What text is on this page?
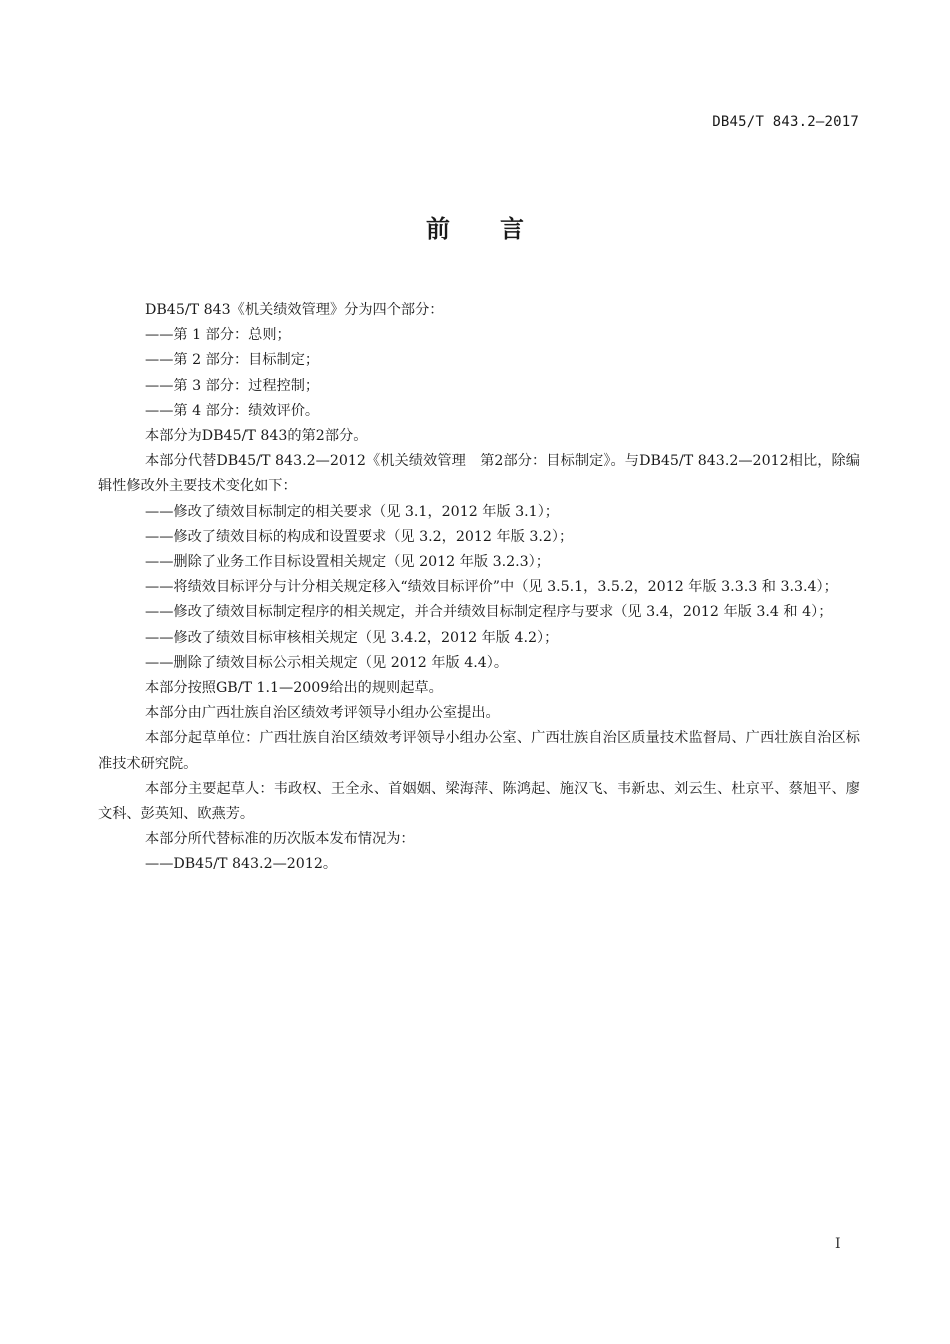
DB45/T 843.2—2017
前言

DB45/T 843《机关绩效管理》分为四个部分：

——第 1 部分：总则；

——第 2 部分：目标制定；

——第 3 部分：过程控制；

——第 4 部分：绩效评价。

本部分为DB45/T 843的第2部分。

本部分代替DB45/T 843.2—2012《机关绩效管理　第2部分：目标制定》。与DB45/T 843.2—2012相比，除编辑性修改外主要技术变化如下：

——修改了绩效目标制定的相关要求（见 3.1，2012 年版 3.1）；

——修改了绩效目标的构成和设置要求（见 3.2，2012 年版 3.2）；

——删除了业务工作目标设置相关规定（见 2012 年版 3.2.3）；

——将绩效目标评分与计分相关规定移入“绩效目标评价”中（见 3.5.1，3.5.2，2012 年版 3.3.3 和 3.3.4）；

——修改了绩效目标制定程序的相关规定，并合并绩效目标制定程序与要求（见 3.4，2012 年版 3.4 和 4）；

——修改了绩效目标审核相关规定（见 3.4.2，2012 年版 4.2）；

——删除了绩效目标公示相关规定（见 2012 年版 4.4）。

本部分按照GB/T 1.1—2009给出的规则起草。

本部分由广西壮族自治区绩效考评领导小组办公室提出。

本部分起草单位：广西壮族自治区绩效考评领导小组办公室、广西壮族自治区质量技术监督局、广西壮族自治区标准技术研究院。

本部分主要起草人：韦政权、王全永、首姻姻、梁海萍、陈鸿起、施汉飞、韦新忠、刘云生、杜京平、蔡旭平、廖文科、彭英知、欧燕芳。

本部分所代替标准的历次版本发布情况为：

——DB45/T 843.2—2012。

I
